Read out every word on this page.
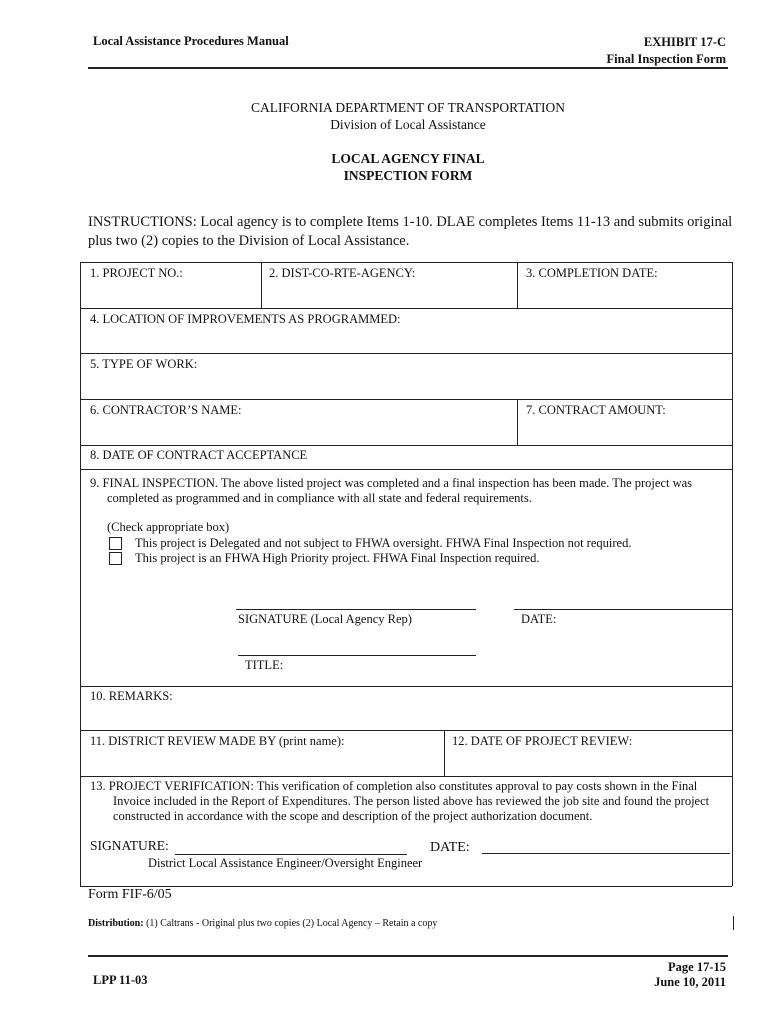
Local Assistance Procedures Manual	EXHIBIT 17-C
Final Inspection Form
CALIFORNIA DEPARTMENT OF TRANSPORTATION
Division of Local Assistance
LOCAL AGENCY FINAL
INSPECTION FORM
INSTRUCTIONS: Local agency is to complete Items 1-10. DLAE completes Items 11-13 and submits original plus two (2) copies to the Division of Local Assistance.
1. PROJECT NO.:	2. DIST-CO-RTE-AGENCY:	3. COMPLETION DATE:
4. LOCATION OF IMPROVEMENTS AS PROGRAMMED:
5. TYPE OF WORK:
6. CONTRACTOR’S NAME:	7. CONTRACT AMOUNT:
8. DATE OF CONTRACT ACCEPTANCE
9. FINAL INSPECTION. The above listed project was completed and a final inspection has been made. The project was
completed as programmed and in compliance with all state and federal requirements.
(Check appropriate box)
This project is Delegated and not subject to FHWA oversight. FHWA Final Inspection not required.
This project is an FHWA High Priority project. FHWA Final Inspection required.
SIGNATURE (Local Agency Rep)	DATE:
TITLE:
10. REMARKS:
11. DISTRICT REVIEW MADE BY (print name):	12. DATE OF PROJECT REVIEW:
13. PROJECT VERIFICATION: This verification of completion also constitutes approval to pay costs shown in the Final
Invoice included in the Report of Expenditures. The person listed above has reviewed the job site and found the project
constructed in accordance with the scope and description of the project authorization document.
SIGNATURE:
District Local Assistance Engineer/Oversight Engineer
DATE:
Form FIF-6/05
Distribution: (1) Caltrans - Original plus two copies (2) Local Agency – Retain a copy
LPP 11-03
Page 17-15
June 10, 2011
